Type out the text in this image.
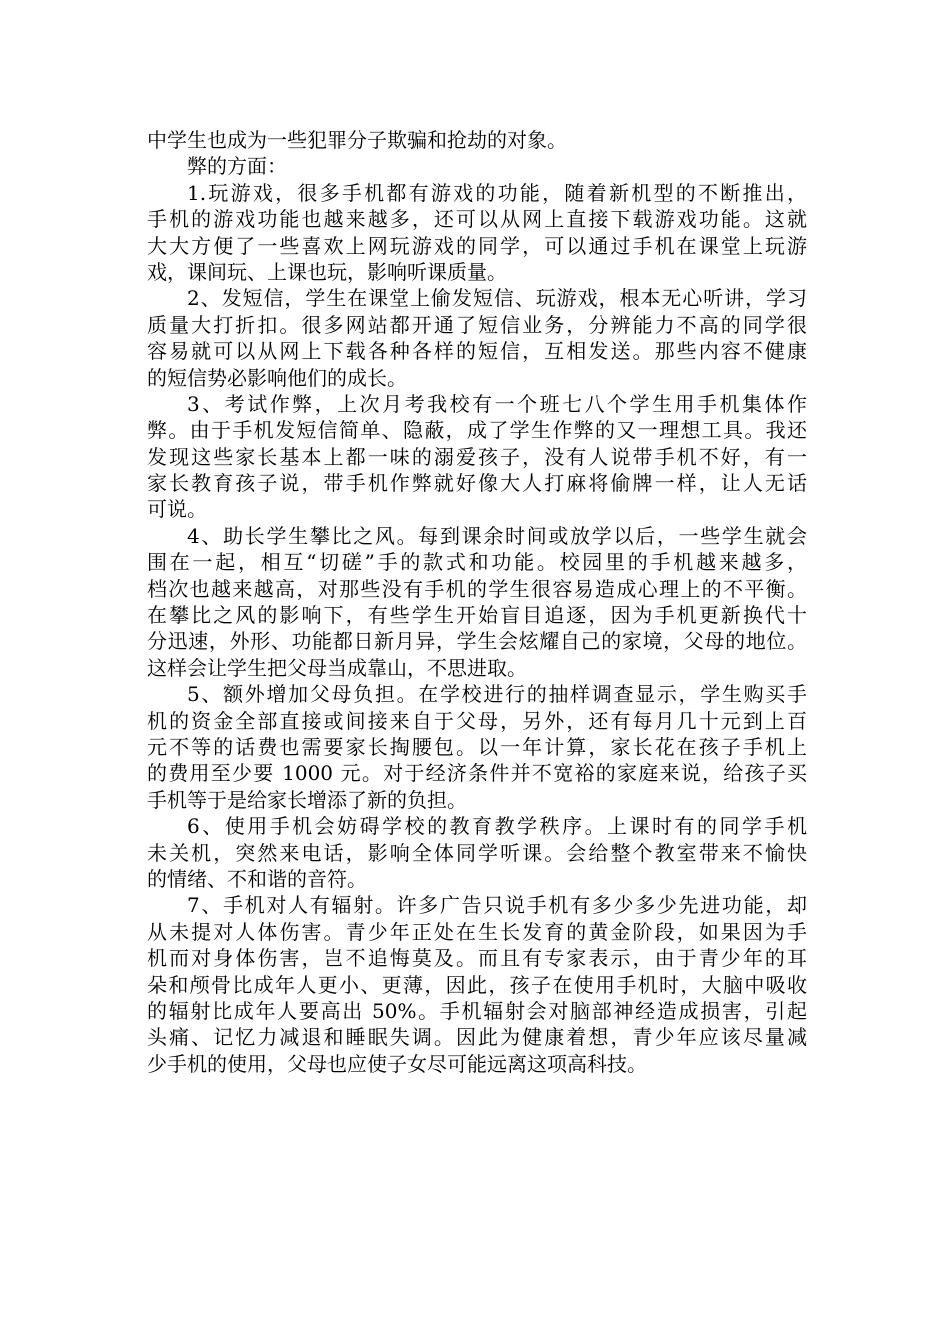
中学生也成为一些犯罪分子欺骗和抢劫的对象。
弊的方面：
1.玩游戏，很多手机都有游戏的功能，随着新机型的不断推出，
手机的游戏功能也越来越多，还可以从网上直接下载游戏功能。这就
大大方便了一些喜欢上网玩游戏的同学，可以通过手机在课堂上玩游
戏，课间玩、上课也玩，影响听课质量。
2、发短信，学生在课堂上偷发短信、玩游戏，根本无心听讲，学习
质量大打折扣。很多网站都开通了短信业务，分辨能力不高的同学很
容易就可以从网上下载各种各样的短信，互相发送。那些内容不健康
的短信势必影响他们的成长。
3、考试作弊，上次月考我校有一个班七八个学生用手机集体作
弊。由于手机发短信简单、隐蔽，成了学生作弊的又一理想工具。我还
发现这些家长基本上都一味的溺爱孩子，没有人说带手机不好，有一
家长教育孩子说，带手机作弊就好像大人打麻将偷牌一样，让人无话
可说。
4、助长学生攀比之风。每到课余时间或放学以后，一些学生就会
围在一起，相互“切磋”手的款式和功能。校园里的手机越来越多，
档次也越来越高，对那些没有手机的学生很容易造成心理上的不平衡。
在攀比之风的影响下，有些学生开始盲目追逐，因为手机更新换代十
分迅速，外形、功能都日新月异，学生会炫耀自己的家境，父母的地位。
这样会让学生把父母当成靠山，不思进取。
5、额外增加父母负担。在学校进行的抽样调查显示，学生购买手
机的资金全部直接或间接来自于父母，另外，还有每月几十元到上百
元不等的话费也需要家长掏腰包。以一年计算，家长花在孩子手机上
的费用至少要 1000 元。对于经济条件并不宽裕的家庭来说，给孩子买
手机等于是给家长增添了新的负担。
6、使用手机会妨碍学校的教育教学秩序。上课时有的同学手机
未关机，突然来电话，影响全体同学听课。会给整个教室带来不愉快
的情绪、不和谐的音符。
7、手机对人有辐射。许多广告只说手机有多少多少先进功能，却
从未提对人体伤害。青少年正处在生长发育的黄金阶段，如果因为手
机而对身体伤害，岂不追悔莫及。而且有专家表示，由于青少年的耳
朵和颅骨比成年人更小、更薄，因此，孩子在使用手机时，大脑中吸收
的辐射比成年人要高出 50%。手机辐射会对脑部神经造成损害，引起
头痛、记忆力减退和睡眠失调。因此为健康着想，青少年应该尽量减
少手机的使用，父母也应使子女尽可能远离这项高科技。
